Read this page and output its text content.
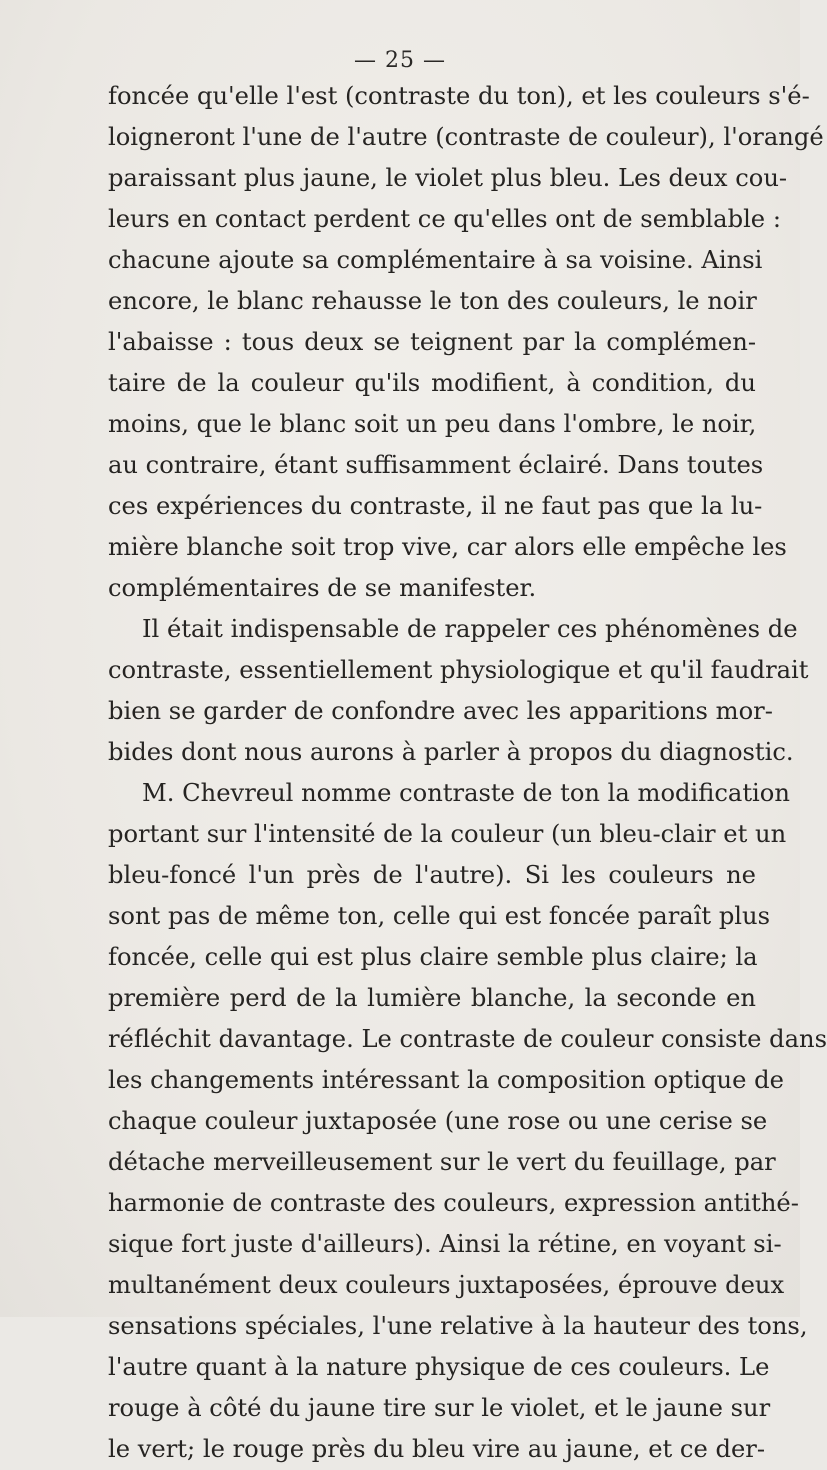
— 25 —
foncée qu'elle l'est (contraste du ton), et les couleurs s'é-
loigneront l'une de l'autre (contraste de couleur), l'orangé
paraissant plus jaune, le violet plus bleu. Les deux cou-
leurs en contact perdent ce qu'elles ont de semblable :
chacune ajoute sa complémentaire à sa voisine. Ainsi
encore, le blanc rehausse le ton des couleurs, le noir
l'abaisse : tous deux se teignent par la complémen-
taire de la couleur qu'ils modifient, à condition, du
moins, que le blanc soit un peu dans l'ombre, le noir,
au contraire, étant suffisamment éclairé. Dans toutes
ces expériences du contraste, il ne faut pas que la lu-
mière blanche soit trop vive, car alors elle empêche les
complémentaires de se manifester.
Il était indispensable de rappeler ces phénomènes de
contraste, essentiellement physiologique et qu'il faudrait
bien se garder de confondre avec les apparitions mor-
bides dont nous aurons à parler à propos du diagnostic.
M. Chevreul nomme contraste de ton la modification
portant sur l'intensité de la couleur (un bleu-clair et un
bleu-foncé l'un près de l'autre). Si les couleurs ne
sont pas de même ton, celle qui est foncée paraît plus
foncée, celle qui est plus claire semble plus claire; la
première perd de la lumière blanche, la seconde en
réfléchit davantage. Le contraste de couleur consiste dans
les changements intéressant la composition optique de
chaque couleur juxtaposée (une rose ou une cerise se
détache merveilleusement sur le vert du feuillage, par
harmonie de contraste des couleurs, expression antithé-
sique fort juste d'ailleurs). Ainsi la rétine, en voyant si-
multanément deux couleurs juxtaposées, éprouve deux
sensations spéciales, l'une relative à la hauteur des tons,
l'autre quant à la nature physique de ces couleurs. Le
rouge à côté du jaune tire sur le violet, et le jaune sur
le vert; le rouge près du bleu vire au jaune, et ce der-
